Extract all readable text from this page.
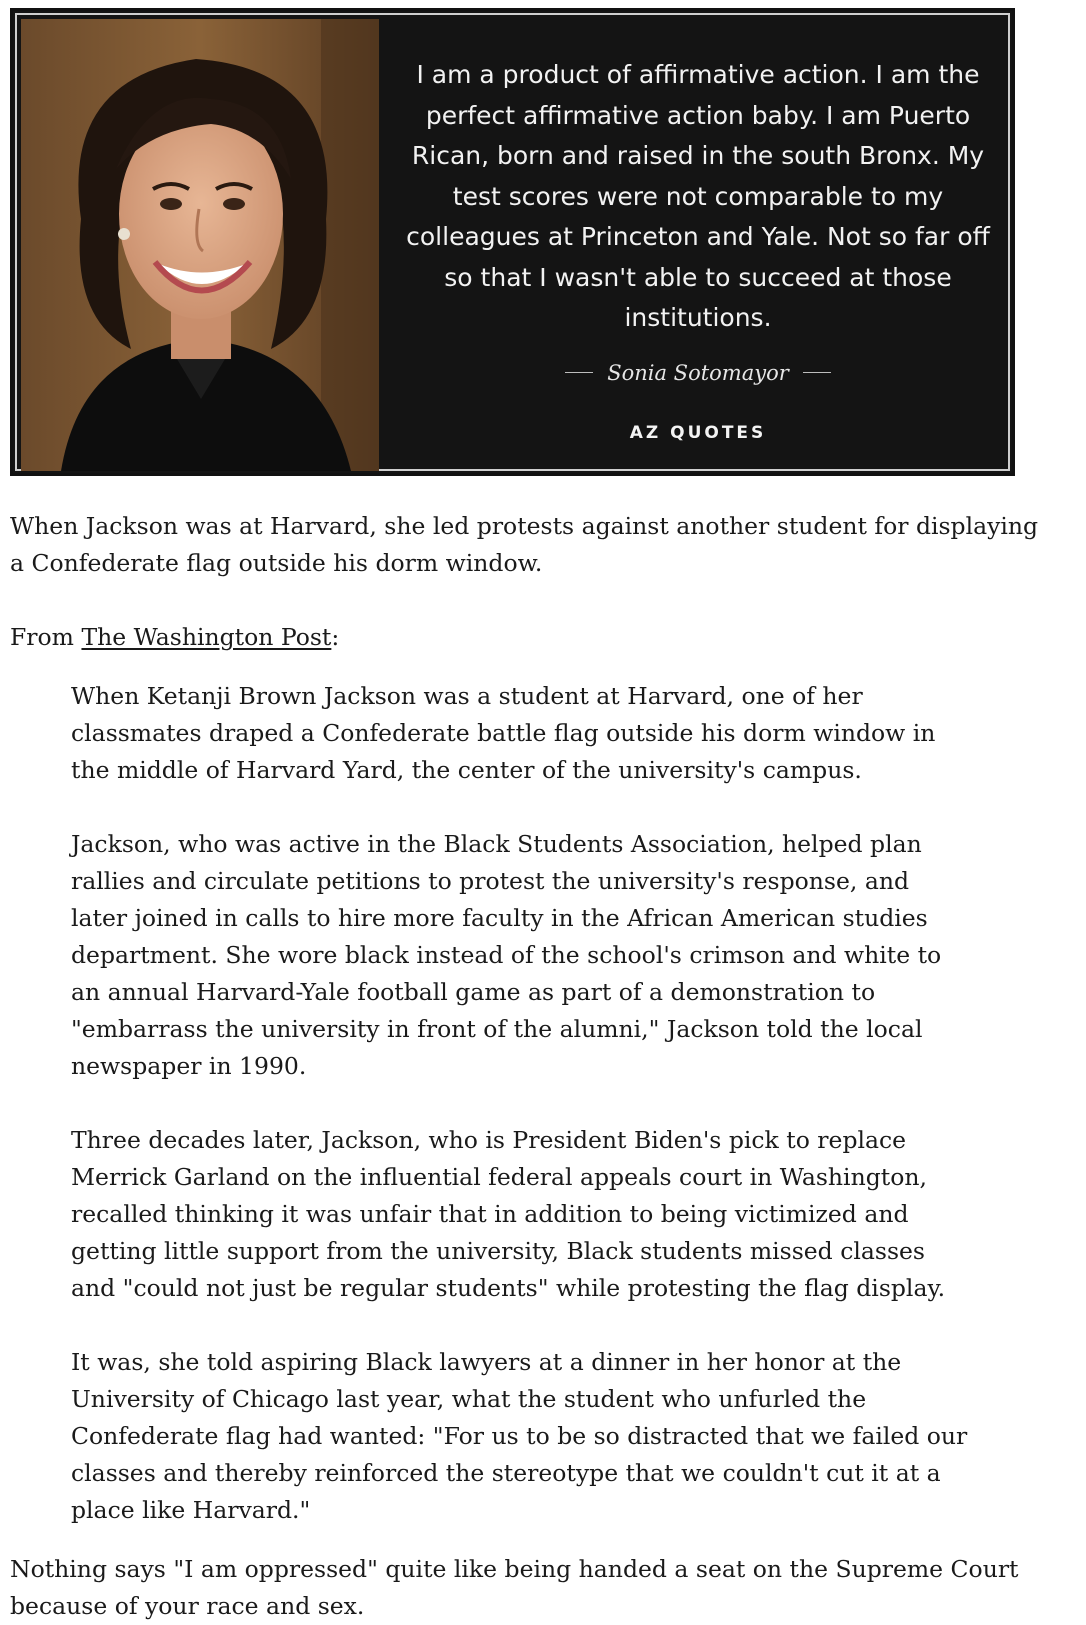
I am a product of affirmative action. I am the perfect affirmative action baby. I am Puerto Rican, born and raised in the south Bronx. My test scores were not comparable to my colleagues at Princeton and Yale. Not so far off so that I wasn't able to succeed at those institutions.

Sonia Sotomayor
AZ QUOTES

When Jackson was at Harvard, she led protests against another student for displaying a Confederate flag outside his dorm window.

From The Washington Post:

When Ketanji Brown Jackson was a student at Harvard, one of her classmates draped a Confederate battle flag outside his dorm window in the middle of Harvard Yard, the center of the university's campus.

Jackson, who was active in the Black Students Association, helped plan rallies and circulate petitions to protest the university's response, and later joined in calls to hire more faculty in the African American studies department. She wore black instead of the school's crimson and white to an annual Harvard-Yale football game as part of a demonstration to "embarrass the university in front of the alumni," Jackson told the local newspaper in 1990.

Three decades later, Jackson, who is President Biden's pick to replace Merrick Garland on the influential federal appeals court in Washington, recalled thinking it was unfair that in addition to being victimized and getting little support from the university, Black students missed classes and "could not just be regular students" while protesting the flag display.

It was, she told aspiring Black lawyers at a dinner in her honor at the University of Chicago last year, what the student who unfurled the Confederate flag had wanted: "For us to be so distracted that we failed our classes and thereby reinforced the stereotype that we couldn't cut it at a place like Harvard."

Nothing says "I am oppressed" quite like being handed a seat on the Supreme Court because of your race and sex.
